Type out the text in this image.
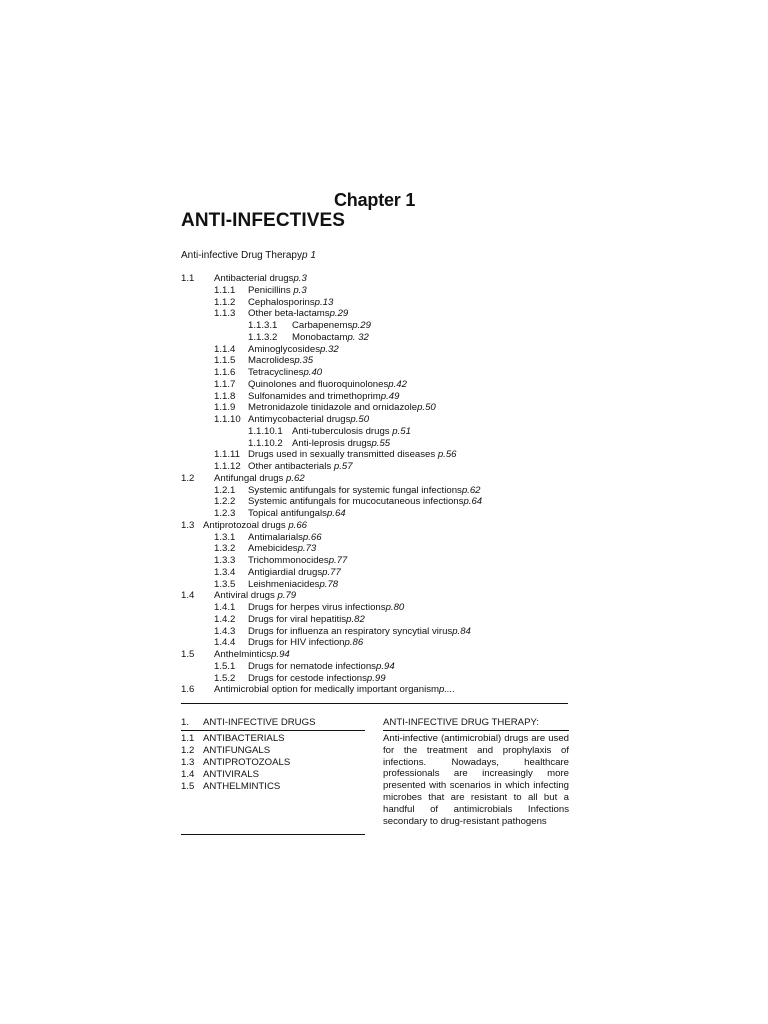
Chapter 1
ANTI-INFECTIVES
Anti-infective Drug Therapyp 1
1.1 Antibacterial drugsp.3
1.1.1 Penicillins p.3
1.1.2 Cephalosporinsp.13
1.1.3 Other beta-lactamsp.29
1.1.3.1 Carbapenemsp.29
1.1.3.2 Monobactamp. 32
1.1.4 Aminoglycosidesp.32
1.1.5 Macrolidesp.35
1.1.6 Tetracyclinesp.40
1.1.7 Quinolones and fluoroquinolonesp.42
1.1.8 Sulfonamides and trimethoprimp.49
1.1.9 Metronidazole tinidazole and ornidazolep.50
1.1.10 Antimycobacterial drugsp.50
1.1.10.1 Anti-tuberculosis drugs p.51
1.1.10.2 Anti-leprosis drugsp.55
1.1.11 Drugs used in sexually transmitted diseases p.56
1.1.12 Other antibacterials p.57
1.2 Antifungal drugs p.62
1.2.1 Systemic antifungals for systemic fungal infectionsp.62
1.2.2 Systemic antifungals for mucocutaneous infectionsp.64
1.2.3 Topical antifungalsp.64
1.3 Antiprotozoal drugs p.66
1.3.1 Antimalarialsp.66
1.3.2 Amebicidesp.73
1.3.3 Trichommonocidesp.77
1.3.4 Antigiardial drugsp.77
1.3.5 Leishmeniacidesp.78
1.4 Antiviral drugs p.79
1.4.1 Drugs for herpes virus infectionsp.80
1.4.2 Drugs for viral hepatitisp.82
1.4.3 Drugs for influenza an respiratory syncytial virusp.84
1.4.4 Drugs for HIV infectionp.86
1.5 Anthelminticsp.94
1.5.1 Drugs for nematode infectionsp.94
1.5.2 Drugs for cestode infectionsp.99
1.6 Antimicrobial option for medically important organismp....
1. ANTI-INFECTIVE DRUGS
1.1 ANTIBACTERIALS
1.2 ANTIFUNGALS
1.3 ANTIPROTOZOALS
1.4 ANTIVIRALS
1.5 ANTHELMINTICS
ANTI-INFECTIVE DRUG THERAPY:
Anti-infective (antimicrobial) drugs are used for the treatment and prophylaxis of infections. Nowadays, healthcare professionals are increasingly more presented with scenarios in which infecting microbes that are resistant to all but a handful of antimicrobials Infections secondary to drug-resistant pathogens
